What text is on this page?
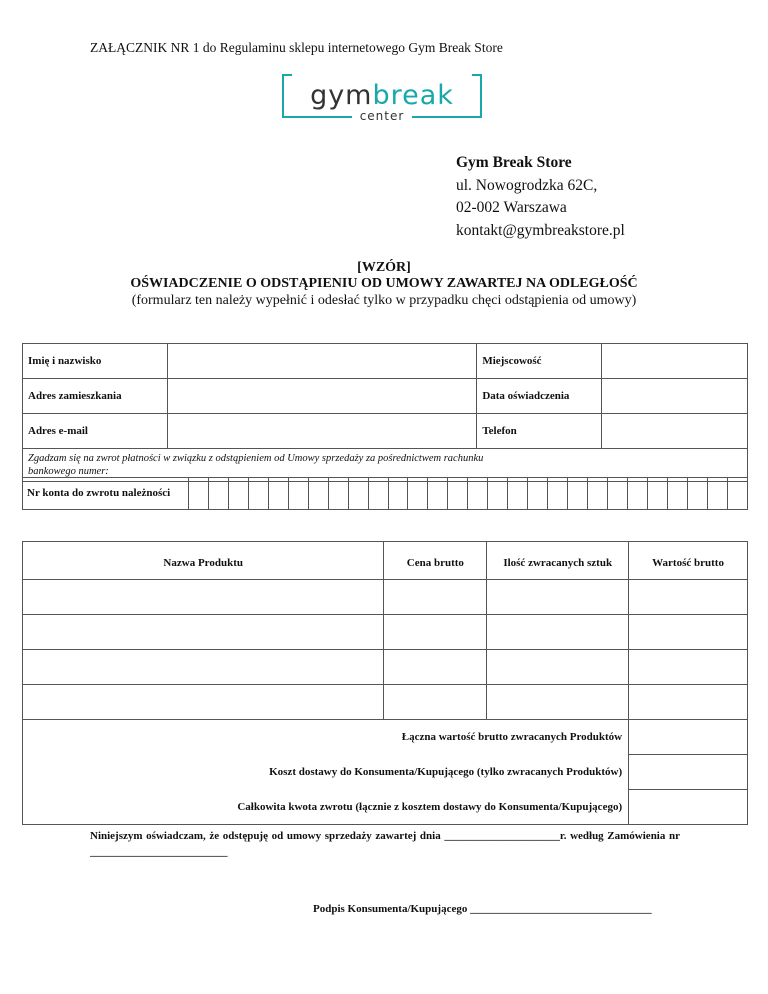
ZAŁĄCZNIK NR 1 do Regulaminu sklepu internetowego Gym Break Store
gymbreak
center
Gym Break Store
ul. Nowogrodzka 62C,
02-002 Warszawa
kontakt@gymbreakstore.pl
[WZÓR]
OŚWIADCZENIE O ODSTĄPIENIU OD UMOWY ZAWARTEJ NA ODLEGŁOŚĆ
(formularz ten należy wypełnić i odesłać tylko w przypadku chęci odstąpienia od umowy)
Imię i nazwisko		Miejscowość	
Adres zamieszkania		Data oświadczenia	
Adres e-mail		Telefon	
Zgadzam się na zwrot płatności w związku z odstąpieniem od Umowy sprzedaży za pośrednictwem rachunku bankowego numer:			
Nr konta do zwrotu należności																												
Nazwa Produktu	Cena brutto	Ilość zwracanych sztuk	Wartość brutto

Łączna wartość brutto zwracanych Produktów			
Koszt dostawy do Konsumenta/Kupującego (tylko zwracanych Produktów)			
Całkowita kwota zwrotu (łącznie z kosztem dostawy do Konsumenta/Kupującego)			
Niniejszym oświadczam, że odstępuję od umowy sprzedaży zawartej dnia _____________________r. według Zamówienia nr _________________________
Podpis Konsumenta/Kupującego _________________________________
